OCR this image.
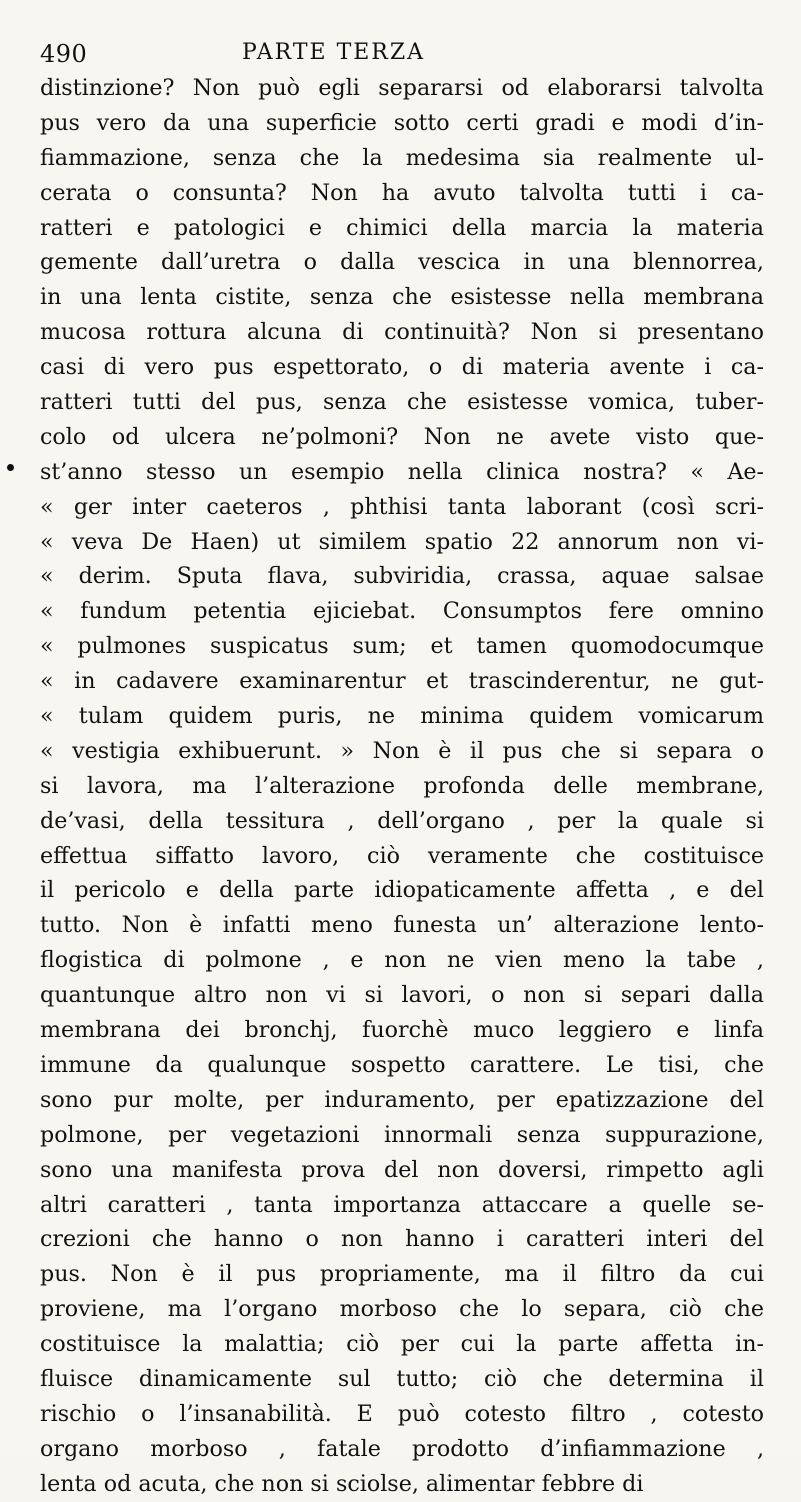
490	PARTE TERZA
distinzione? Non può egli separarsi od elaborarsi talvolta
pus vero da una superficie sotto certi gradi e modi d’in-
fiammazione, senza che la medesima sia realmente ul-
cerata o consunta? Non ha avuto talvolta tutti i ca-
ratteri e patologici e chimici della marcia la materia
gemente dall’uretra o dalla vescica in una blennorrea,
in una lenta cistite, senza che esistesse nella membrana
mucosa rottura alcuna di continuità? Non si presentano
casi di vero pus espettorato, o di materia avente i ca-
ratteri tutti del pus, senza che esistesse vomica, tuber-
colo od ulcera ne’polmoni? Non ne avete visto que-
st’anno stesso un esempio nella clinica nostra? « Ae-
« ger inter caeteros , phthisi tanta laborant (così scri-
« veva De Haen) ut similem spatio 22 annorum non vi-
« derim. Sputa flava, subviridia, crassa, aquae salsae
« fundum petentia ejiciebat. Consumptos fere omnino
« pulmones suspicatus sum; et tamen quomodocumque
« in cadavere examinarentur et trascinderentur, ne gut-
« tulam quidem puris, ne minima quidem vomicarum
« vestigia exhibuerunt. » Non è il pus che si separa o
si lavora, ma l’alterazione profonda delle membrane,
de’vasi, della tessitura , dell’organo , per la quale si
effettua siffatto lavoro, ciò veramente che costituisce
il pericolo e della parte idiopaticamente affetta , e del
tutto. Non è infatti meno funesta un’ alterazione lento-
flogistica di polmone , e non ne vien meno la tabe ,
quantunque altro non vi si lavori, o non si separi dalla
membrana dei bronchj, fuorchè muco leggiero e linfa
immune da qualunque sospetto carattere. Le tisi, che
sono pur molte, per induramento, per epatizzazione del
polmone, per vegetazioni innormali senza suppurazione,
sono una manifesta prova del non doversi, rimpetto agli
altri caratteri , tanta importanza attaccare a quelle se-
crezioni che hanno o non hanno i caratteri interi del
pus. Non è il pus propriamente, ma il filtro da cui
proviene, ma l’organo morboso che lo separa, ciò che
costituisce la malattia; ciò per cui la parte affetta in-
fluisce dinamicamente sul tutto; ciò che determina il
rischio o l’insanabilità. E può cotesto filtro , cotesto
organo morboso , fatale prodotto d’infiammazione ,
lenta od acuta, che non si sciolse, alimentar febbre di
